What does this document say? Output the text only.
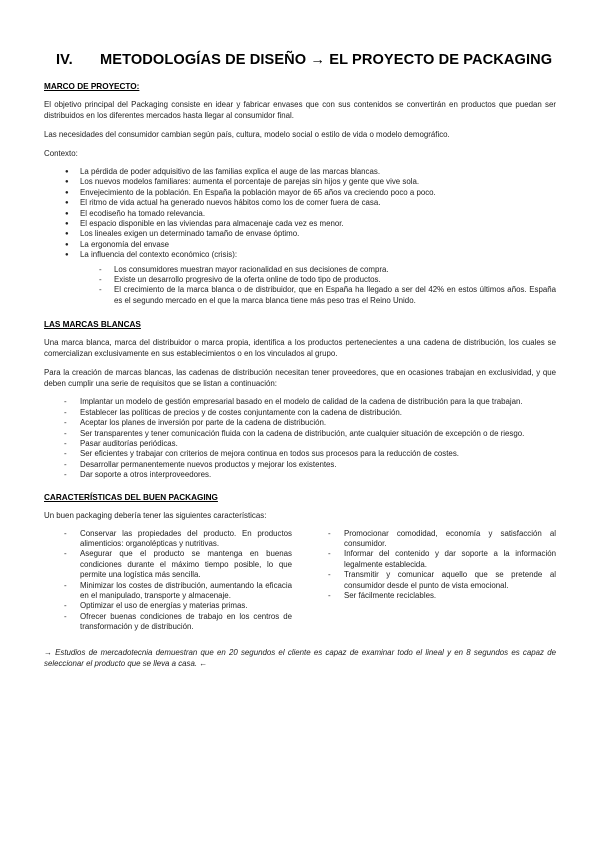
IV.	METODOLOGÍAS DE DISEÑO → EL PROYECTO DE PACKAGING
MARCO DE PROYECTO:

El objetivo principal del Packaging consiste en idear y fabricar envases que con sus contenidos se convertirán en productos que puedan ser distribuidos en los diferentes mercados hasta llegar al consumidor final.

Las necesidades del consumidor cambian según país, cultura, modelo social o estilo de vida o modelo demográfico.

Contexto:

● La pérdida de poder adquisitivo de las familias explica el auge de las marcas blancas.
● Los nuevos modelos familiares: aumenta el porcentaje de parejas sin hijos y gente que vive sola.
● Envejecimiento de la población. En España la población mayor de 65 años va creciendo poco a poco.
● El ritmo de vida actual ha generado nuevos hábitos como los de comer fuera de casa.
● El ecodiseño ha tomado relevancia.
● El espacio disponible en las viviendas para almacenaje cada vez es menor.
● Los lineales exigen un determinado tamaño de envase óptimo.
● La ergonomía del envase
● La influencia del contexto económico (crisis):
- Los consumidores muestran mayor racionalidad en sus decisiones de compra.
- Existe un desarrollo progresivo de la oferta online de todo tipo de productos.
- El crecimiento de la marca blanca o de distribuidor, que en España ha llegado a ser del 42% en estos últimos años. España es el segundo mercado en el que la marca blanca tiene más peso tras el Reino Unido.
LAS MARCAS BLANCAS

Una marca blanca, marca del distribuidor o marca propia, identifica a los productos pertenecientes a una cadena de distribución, los cuales se comercializan exclusivamente en sus establecimientos o en los vinculados al grupo.

Para la creación de marcas blancas, las cadenas de distribución necesitan tener proveedores, que en ocasiones trabajan en exclusividad, y que deben cumplir una serie de requisitos que se listan a continuación:

- Implantar un modelo de gestión empresarial basado en el modelo de calidad de la cadena de distribución para la que trabajan.
- Establecer las políticas de precios y de costes conjuntamente con la cadena de distribución.
- Aceptar los planes de inversión por parte de la cadena de distribución.
- Ser transparentes y tener comunicación fluida con la cadena de distribución, ante cualquier situación de excepción o de riesgo.
- Pasar auditorías periódicas.
- Ser eficientes y trabajar con criterios de mejora continua en todos sus procesos para la reducción de costes.
- Desarrollar permanentemente nuevos productos y mejorar los existentes.
- Dar soporte a otros interproveedores.
CARACTERÍSTICAS DEL BUEN PACKAGING

Un buen packaging debería tener las siguientes características:

- Conservar las propiedades del producto. En productos alimenticios: organolépticas y nutritivas.
- Asegurar que el producto se mantenga en buenas condiciones durante el máximo tiempo posible, lo que permite una logística más sencilla.
- Minimizar los costes de distribución, aumentando la eficacia en el manipulado, transporte y almacenaje.
- Optimizar el uso de energías y materias primas.
- Ofrecer buenas condiciones de trabajo en los centros de transformación y de distribución.
- Promocionar comodidad, economía y satisfacción al consumidor.
- Informar del contenido y dar soporte a la información legalmente establecida.
- Transmitir y comunicar aquello que se pretende al consumidor desde el punto de vista emocional.
- Ser fácilmente reciclables.

→ Estudios de mercadotecnia demuestran que en 20 segundos el cliente es capaz de examinar todo el lineal y en 8 segundos es capaz de seleccionar el producto que se lleva a casa. ←
